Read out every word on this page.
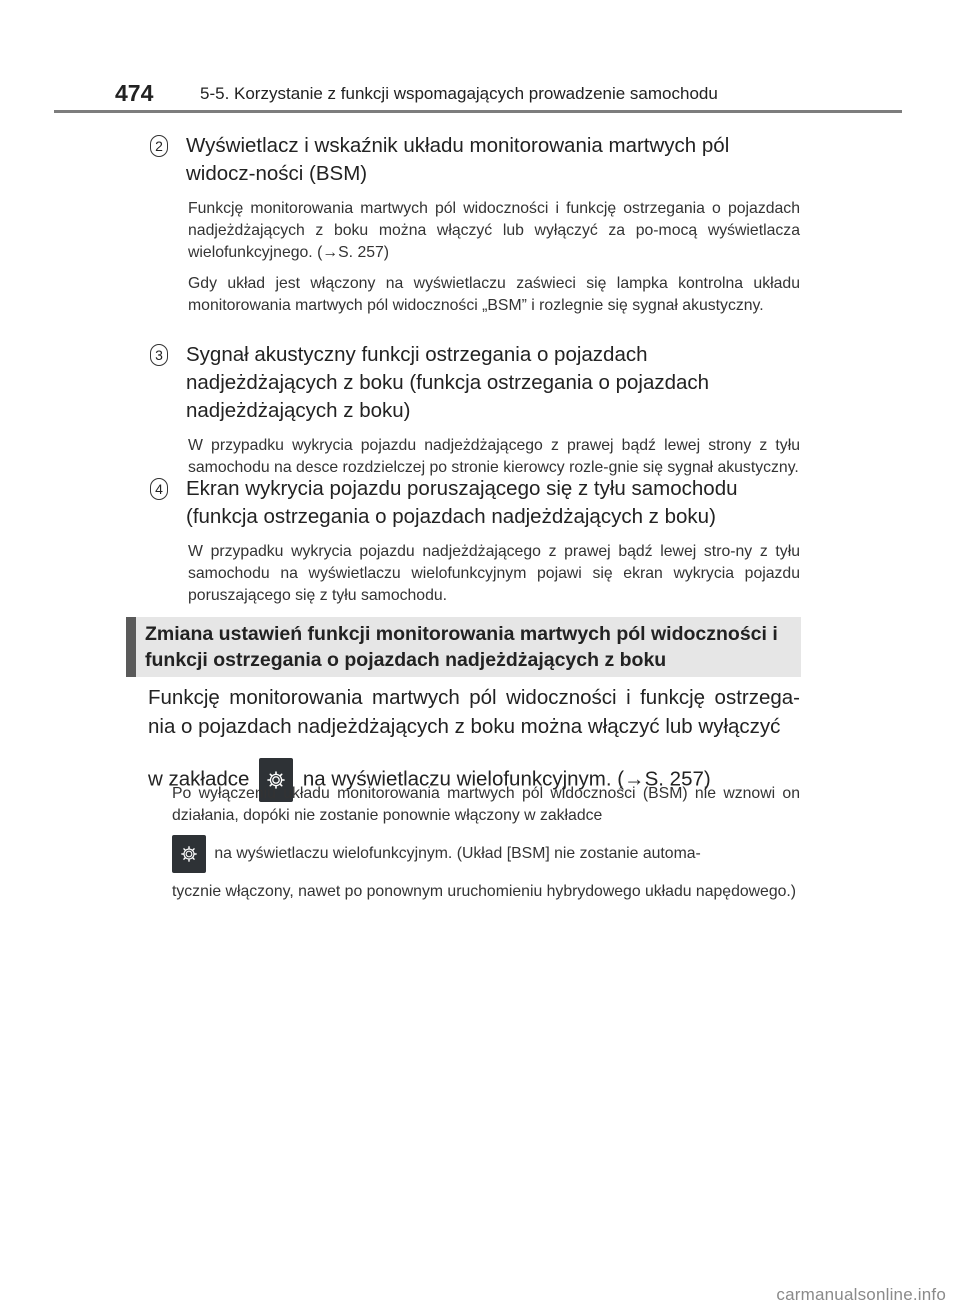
474	5-5. Korzystanie z funkcji wspomagających prowadzenie samochodu
2 Wyświetlacz i wskaźnik układu monitorowania martwych pól widocz-ności (BSM)

Funkcję monitorowania martwych pól widoczności i funkcję ostrzegania o pojazdach nadjeżdżających z boku można włączyć lub wyłączyć za po-mocą wyświetlacza wielofunkcyjnego. (→S. 257)

Gdy układ jest włączony na wyświetlaczu zaświeci się lampka kontrolna układu monitorowania martwych pól widoczności „BSM” i rozlegnie się sygnał akustyczny.

3 Sygnał akustyczny funkcji ostrzegania o pojazdach nadjeżdżających z boku (funkcja ostrzegania o pojazdach nadjeżdżających z boku)

W przypadku wykrycia pojazdu nadjeżdżającego z prawej bądź lewej strony z tyłu samochodu na desce rozdzielczej po stronie kierowcy rozle-gnie się sygnał akustyczny.

4 Ekran wykrycia pojazdu poruszającego się z tyłu samochodu (funkcja ostrzegania o pojazdach nadjeżdżających z boku)

W przypadku wykrycia pojazdu nadjeżdżającego z prawej bądź lewej stro-ny z tyłu samochodu na wyświetlaczu wielofunkcyjnym pojawi się ekran wykrycia pojazdu poruszającego się z tyłu samochodu.

Zmiana ustawień funkcji monitorowania martwych pól widoczności i funkcji ostrzegania o pojazdach nadjeżdżających z boku
Funkcję monitorowania martwych pól widoczności i funkcję ostrzega-nia o pojazdach nadjeżdżających z boku można włączyć lub wyłączyć
w zakładce	na wyświetlaczu wielofunkcyjnym. (→S. 257)
Po wyłączeniu układu monitorowania martwych pól widoczności (BSM) nie wznowi on działania, dopóki nie zostanie ponownie włączony w zakładce
na wyświetlaczu wielofunkcyjnym. (Układ [BSM] nie zostanie automa-
tycznie włączony, nawet po ponownym uruchomieniu hybrydowego układu napędowego.)
carmanualsonline.info
